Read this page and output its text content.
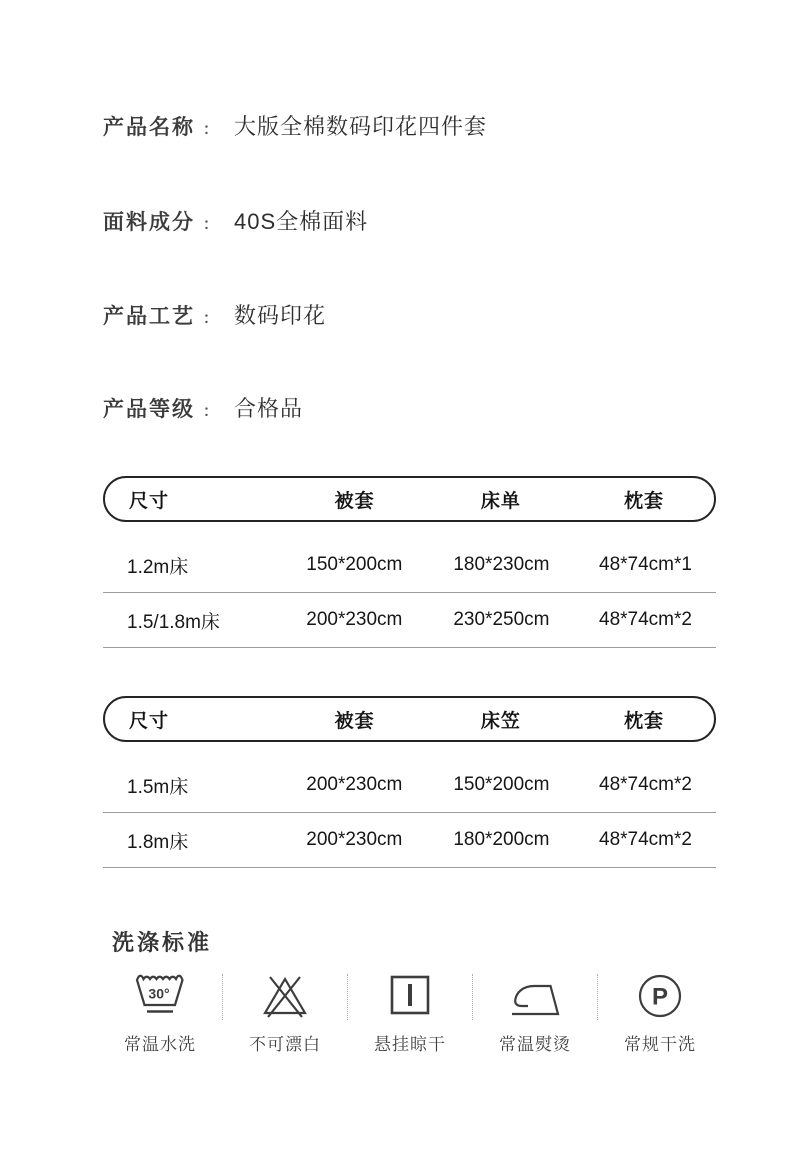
产品名称 ： 大版全棉数码印花四件套
面料成分 ： 40S全棉面料
产品工艺 ： 数码印花
产品等级 ： 合格品
尺寸	被套	床单	枕套
1.2m床	150*200cm	180*230cm	48*74cm*1
1.5/1.8m床	200*230cm	230*250cm	48*74cm*2
尺寸	被套	床笠	枕套
1.5m床	200*230cm	150*200cm	48*74cm*2
1.8m床	200*230cm	180*200cm	48*74cm*2
洗涤标准
30°
常温水洗	不可漂白	悬挂晾干	常温熨烫
P
常规干洗
